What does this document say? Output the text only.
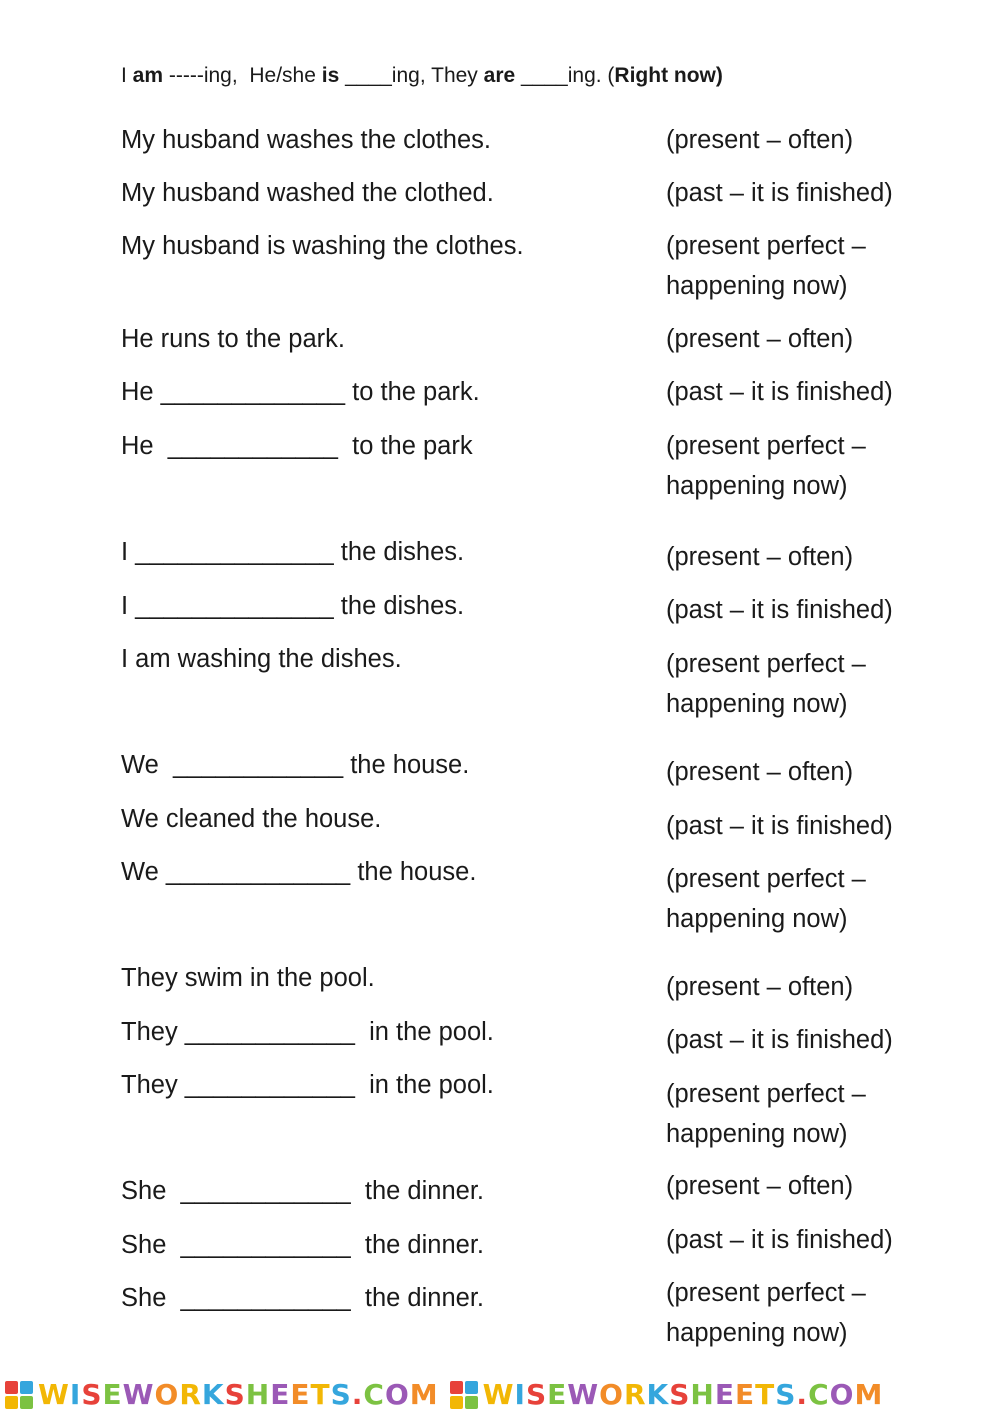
I am -----ing,  He/she is ____ing, They are ____ing. (Right now)
My husband washes the clothes.	(present – often)
My husband washed the clothed.	(past – it is finished)
My husband is washing the clothes.	(present perfect – happening now)
He runs to the park.	(present – often)
He _____________ to the park.	(past – it is finished)
He  ____________  to the park	(present perfect – happening now)
I ______________ the dishes.	(present – often)
I ______________ the dishes.	(past – it is finished)
I am washing the dishes.	(present perfect – happening now)
We  ____________ the house.	(present – often)
We cleaned the house.	(past – it is finished)
We _____________ the house.	(present perfect – happening now)
They swim in the pool.	(present – often)
They ____________  in the pool.	(past – it is finished)
They ____________  in the pool.	(present perfect – happening now)
She  ____________  the dinner.	(present – often)
She  ____________  the dinner.	(past – it is finished)
She  ____________  the dinner.	(present perfect – happening now)
WISEWORKSHEETS.COM WISEWORKSHEETS.COM
